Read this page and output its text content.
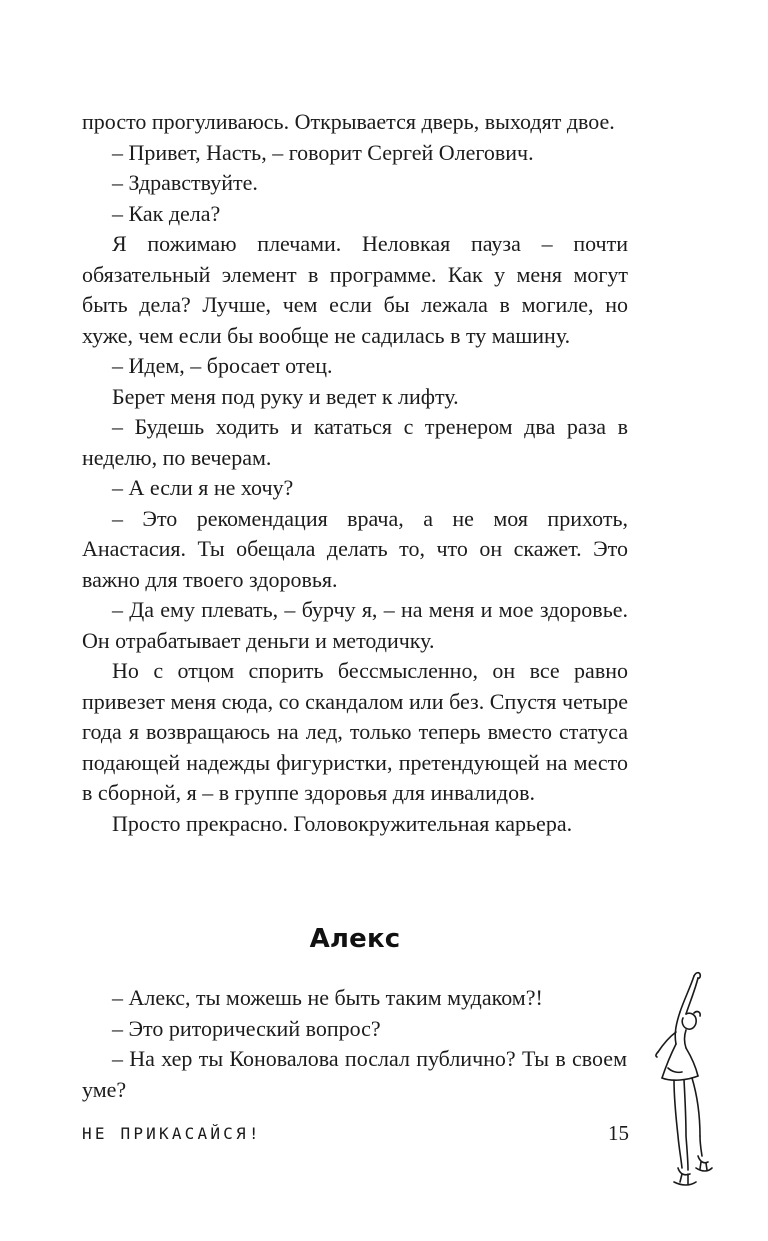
просто прогуливаюсь. Открывается дверь, выходят двое.

– Привет, Насть, – говорит Сергей Олегович.

– Здравствуйте.

– Как дела?

Я пожимаю плечами. Неловкая пауза – почти обязательный элемент в программе. Как у меня могут быть дела? Лучше, чем если бы лежала в могиле, но хуже, чем если бы вообще не садилась в ту машину.

– Идем, – бросает отец.

Берет меня под руку и ведет к лифту.

– Будешь ходить и кататься с тренером два раза в неделю, по вечерам.

– А если я не хочу?

– Это рекомендация врача, а не моя прихоть, Анастасия. Ты обещала делать то, что он скажет. Это важно для твоего здоровья.

– Да ему плевать, – бурчу я, – на меня и мое здоровье. Он отрабатывает деньги и методичку.

Но с отцом спорить бессмысленно, он все равно привезет меня сюда, со скандалом или без. Спустя четыре года я возвращаюсь на лед, только теперь вместо статуса подающей надежды фигуристки, претендующей на место в сборной, я – в группе здоровья для инвалидов.

Просто прекрасно. Головокружительная карьера.

Алекс

– Алекс, ты можешь не быть таким мудаком?!

– Это риторический вопрос?

– На хер ты Коновалова послал публично? Ты в своем уме?

НЕ ПРИКАСАЙСЯ!	15
